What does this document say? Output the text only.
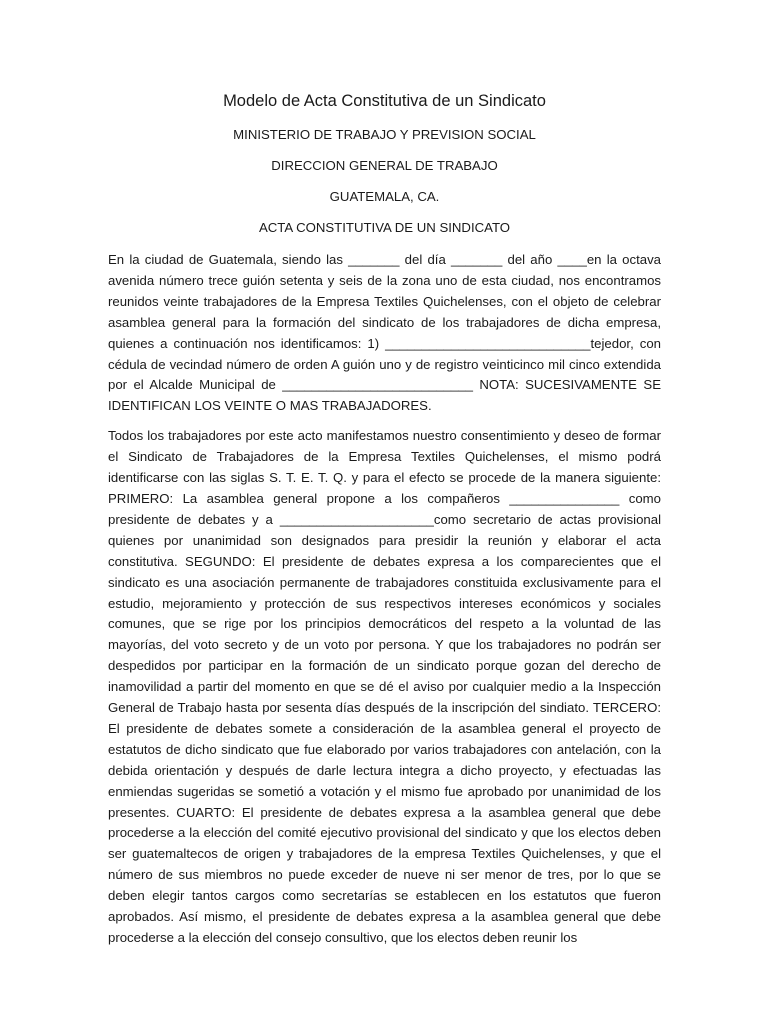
Modelo de Acta Constitutiva de un Sindicato

MINISTERIO DE TRABAJO Y PREVISION SOCIAL

DIRECCION GENERAL DE TRABAJO

GUATEMALA, CA.

ACTA CONSTITUTIVA DE UN SINDICATO

En la ciudad de Guatemala, siendo las _______ del día _______ del año ____en la octava avenida número trece guión setenta y seis de la zona uno de esta ciudad, nos encontramos reunidos veinte trabajadores de la Empresa Textiles Quichelenses, con el objeto de celebrar asamblea general para la formación del sindicato de los trabajadores de dicha empresa, quienes a continuación nos identificamos: 1) ____________________________tejedor, con cédula de vecindad número de orden A guión uno y de registro veinticinco mil cinco extendida por el Alcalde Municipal de __________________________ NOTA: SUCESIVAMENTE SE IDENTIFICAN LOS VEINTE O MAS TRABAJADORES.

Todos los trabajadores por este acto manifestamos nuestro consentimiento y deseo de formar el Sindicato de Trabajadores de la Empresa Textiles Quichelenses, el mismo podrá identificarse con las siglas S. T. E. T. Q. y para el efecto se procede de la manera siguiente: PRIMERO: La asamblea general propone a los compañeros _______________ como presidente de debates y a _____________________como secretario de actas provisional quienes por unanimidad son designados para presidir la reunión y elaborar el acta constitutiva. SEGUNDO: El presidente de debates expresa a los comparecientes que el sindicato es una asociación permanente de trabajadores constituida exclusivamente para el estudio, mejoramiento y protección de sus respectivos intereses económicos y sociales comunes, que se rige por los principios democráticos del respeto a la voluntad de las mayorías, del voto secreto y de un voto por persona. Y que los trabajadores no podrán ser despedidos por participar en la formación de un sindicato porque gozan del derecho de inamovilidad a partir del momento en que se dé el aviso por cualquier medio a la Inspección General de Trabajo hasta por sesenta días después de la inscripción del sindiato. TERCERO: El presidente de debates somete a consideración de la asamblea general el proyecto de estatutos de dicho sindicato que fue elaborado por varios trabajadores con antelación, con la debida orientación y después de darle lectura integra a dicho proyecto, y efectuadas las enmiendas sugeridas se sometió a votación y el mismo fue aprobado por unanimidad de los presentes. CUARTO: El presidente de debates expresa a la asamblea general que debe procederse a la elección del comité ejecutivo provisional del sindicato y que los electos deben ser guatemaltecos de origen y trabajadores de la empresa Textiles Quichelenses, y que el número de sus miembros no puede exceder de nueve ni ser menor de tres, por lo que se deben elegir tantos cargos como secretarías se establecen en los estatutos que fueron aprobados. Así mismo, el presidente de debates expresa a la asamblea general que debe procederse a la elección del consejo consultivo, que los electos deben reunir los
